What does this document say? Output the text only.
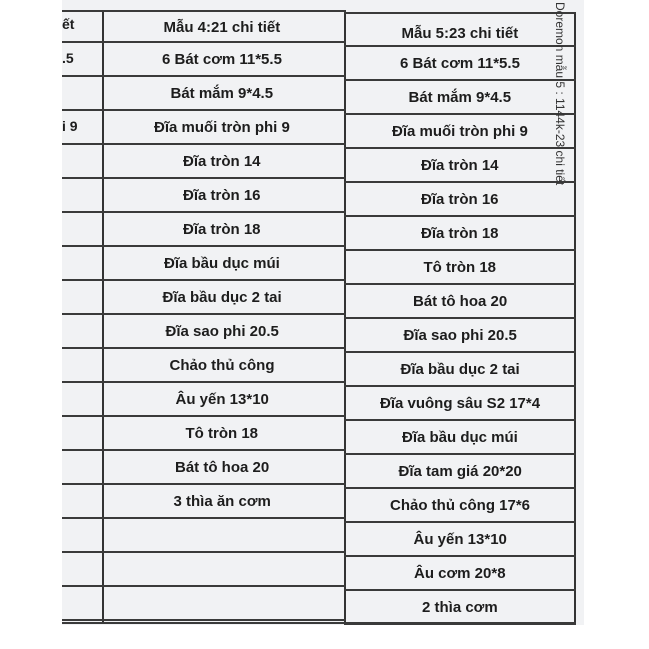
ết
.5
i 9
Mẫu 4:21 chi tiết
6 Bát cơm 11*5.5
Bát mắm 9*4.5
Đĩa muối tròn phi 9
Đĩa tròn 14
Đĩa tròn 16
Đĩa tròn 18
Đĩa bầu dục múi
Đĩa bầu dục 2 tai
Đĩa sao phi 20.5
Chảo thủ công
Âu yến 13*10
Tô tròn 18
Bát tô hoa 20
3 thìa ăn cơm
Mẫu 5:23 chi tiết
6 Bát cơm 11*5.5
Bát mắm 9*4.5
Đĩa muối tròn phi 9
Đĩa tròn 14
Đĩa tròn 16
Đĩa tròn 18
Tô tròn 18
Bát tô hoa 20
Đĩa sao phi 20.5
Đĩa bầu dục 2 tai
Đĩa vuông sâu S2 17*4
Đĩa bầu dục múi
Đĩa tam giá 20*20
Chảo thủ công 17*6
Âu yến 13*10
Âu cơm 20*8
2 thìa cơm
Doremon mẫu 5 : 1144k-23 chi tiết
